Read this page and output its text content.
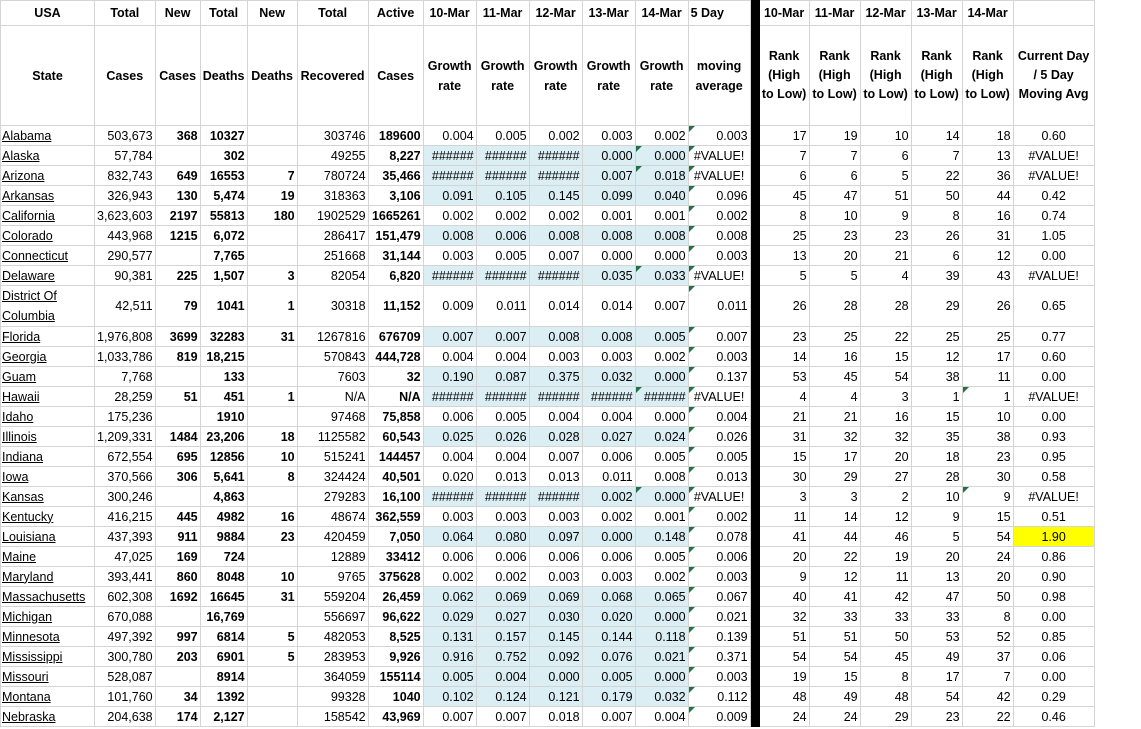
USA	Total	New	Total	New	Total	Active	10-Mar	11-Mar	12-Mar	13-Mar	14-Mar	5 Day		10-Mar	11-Mar	12-Mar	13-Mar	14-Mar	
State	Cases	Cases	Deaths	Deaths	Recovered	Cases	Growth rate	Growth rate	Growth rate	Growth rate	Growth rate	moving average		Rank (High to Low)	Rank (High to Low)	Rank (High to Low)	Rank (High to Low)	Rank (High to Low)	Current Day / 5 Day Moving Avg
Alabama	503,673	368	10327		303746	189600	0.004	0.005	0.002	0.003	0.002	0.003		17	19	10	14	18	0.60
Alaska	57,784		302		49255	8,227	######	######	######	0.000	0.000	#VALUE!		7	7	6	7	13	#VALUE!
Arizona	832,743	649	16553	7	780724	35,466	######	######	######	0.007	0.018	#VALUE!		6	6	5	22	36	#VALUE!
Arkansas	326,943	130	5,474	19	318363	3,106	0.091	0.105	0.145	0.099	0.040	0.096		45	47	51	50	44	0.42
California	3,623,603	2197	55813	180	1902529	1665261	0.002	0.002	0.002	0.001	0.001	0.002		8	10	9	8	16	0.74
Colorado	443,968	1215	6,072		286417	151,479	0.008	0.006	0.008	0.008	0.008	0.008		25	23	23	26	31	1.05
Connecticut	290,577		7,765		251668	31,144	0.003	0.005	0.007	0.000	0.000	0.003		13	20	21	6	12	0.00
Delaware	90,381	225	1,507	3	82054	6,820	######	######	######	0.035	0.033	#VALUE!		5	5	4	39	43	#VALUE!
District Of Columbia	42,511	79	1041	1	30318	11,152	0.009	0.011	0.014	0.014	0.007	0.011		26	28	28	29	26	0.65
Florida	1,976,808	3699	32283	31	1267816	676709	0.007	0.007	0.008	0.008	0.005	0.007		23	25	22	25	25	0.77
Georgia	1,033,786	819	18,215		570843	444,728	0.004	0.004	0.003	0.003	0.002	0.003		14	16	15	12	17	0.60
Guam	7,768		133		7603	32	0.190	0.087	0.375	0.032	0.000	0.137		53	45	54	38	11	0.00
Hawaii	28,259	51	451	1	N/A	N/A	######	######	######	######	######	#VALUE!		4	4	3	1	1	#VALUE!
Idaho	175,236		1910		97468	75,858	0.006	0.005	0.004	0.004	0.000	0.004		21	21	16	15	10	0.00
Illinois	1,209,331	1484	23,206	18	1125582	60,543	0.025	0.026	0.028	0.027	0.024	0.026		31	32	32	35	38	0.93
Indiana	672,554	695	12856	10	515241	144457	0.004	0.004	0.007	0.006	0.005	0.005		15	17	20	18	23	0.95
Iowa	370,566	306	5,641	8	324424	40,501	0.020	0.013	0.013	0.011	0.008	0.013		30	29	27	28	30	0.58
Kansas	300,246		4,863		279283	16,100	######	######	######	0.002	0.000	#VALUE!		3	3	2	10	9	#VALUE!
Kentucky	416,215	445	4982	16	48674	362,559	0.003	0.003	0.003	0.002	0.001	0.002		11	14	12	9	15	0.51
Louisiana	437,393	911	9884	23	420459	7,050	0.064	0.080	0.097	0.000	0.148	0.078		41	44	46	5	54	1.90
Maine	47,025	169	724		12889	33412	0.006	0.006	0.006	0.006	0.005	0.006		20	22	19	20	24	0.86
Maryland	393,441	860	8048	10	9765	375628	0.002	0.002	0.003	0.003	0.002	0.003		9	12	11	13	20	0.90
Massachusetts	602,308	1692	16645	31	559204	26,459	0.062	0.069	0.069	0.068	0.065	0.067		40	41	42	47	50	0.98
Michigan	670,088		16,769		556697	96,622	0.029	0.027	0.030	0.020	0.000	0.021		32	33	33	33	8	0.00
Minnesota	497,392	997	6814	5	482053	8,525	0.131	0.157	0.145	0.144	0.118	0.139		51	51	50	53	52	0.85
Mississippi	300,780	203	6901	5	283953	9,926	0.916	0.752	0.092	0.076	0.021	0.371		54	54	45	49	37	0.06
Missouri	528,087		8914		364059	155114	0.005	0.004	0.000	0.005	0.000	0.003		19	15	8	17	7	0.00
Montana	101,760	34	1392		99328	1040	0.102	0.124	0.121	0.179	0.032	0.112		48	49	48	54	42	0.29
Nebraska	204,638	174	2,127		158542	43,969	0.007	0.007	0.018	0.007	0.004	0.009		24	24	29	23	22	0.46
